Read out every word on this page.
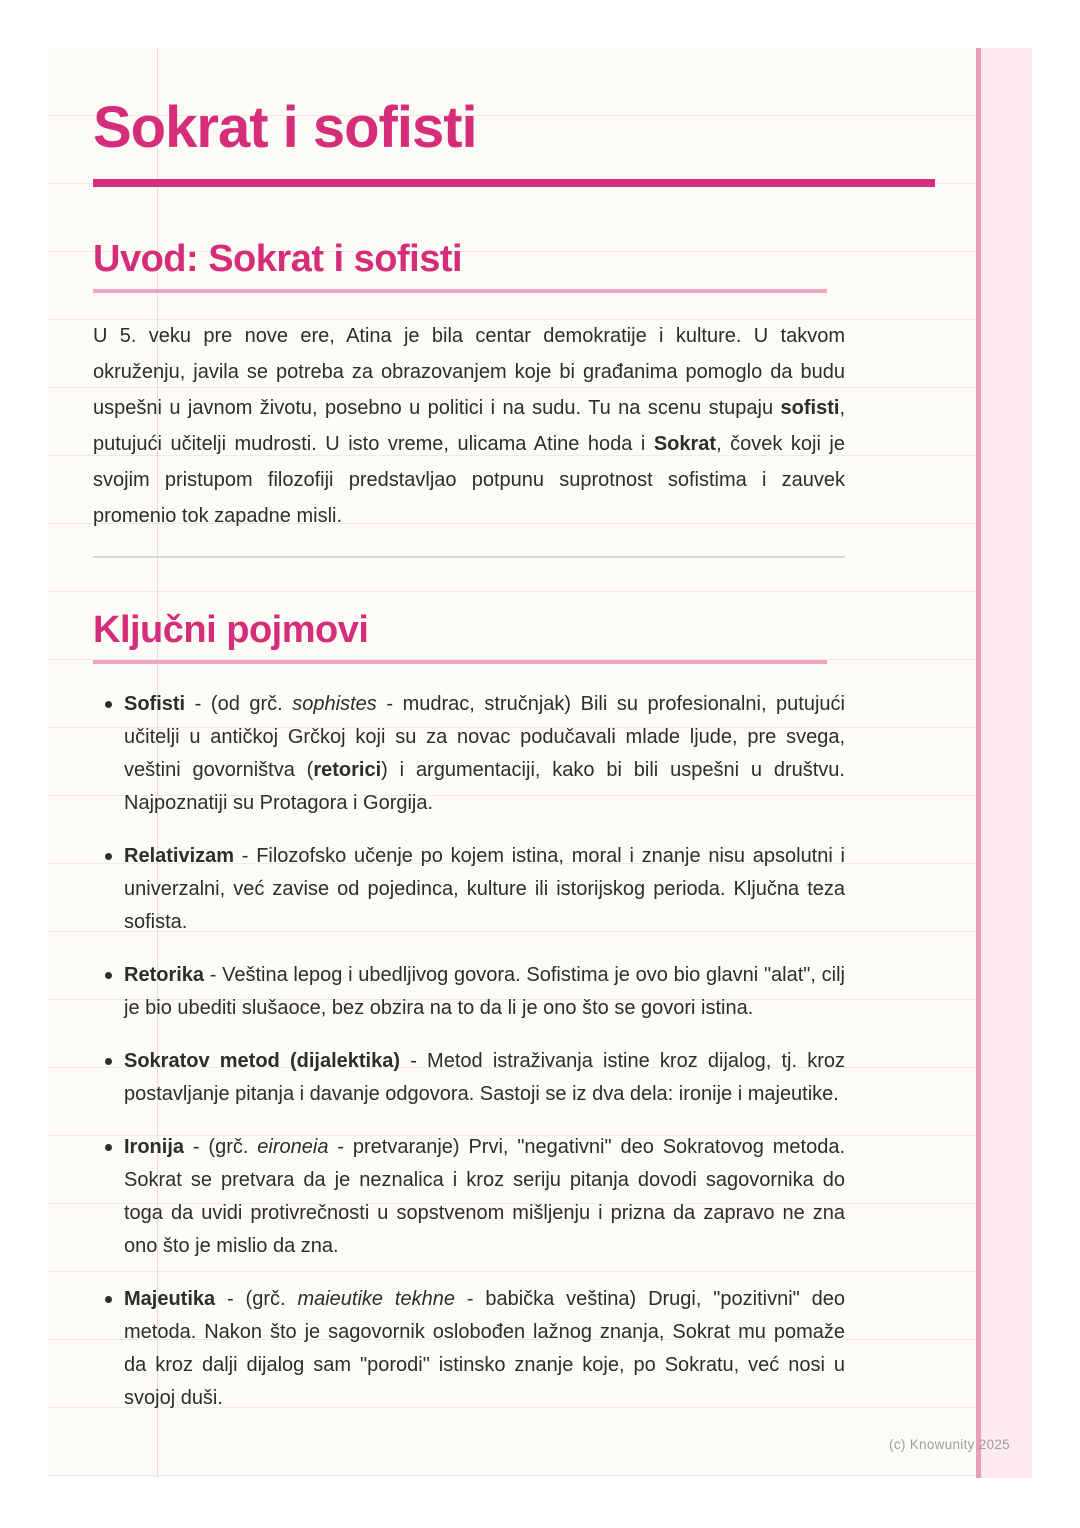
Sokrat i sofisti
Uvod: Sokrat i sofisti

U 5. veku pre nove ere, Atina je bila centar demokratije i kulture. U takvom okruženju, javila se potreba za obrazovanjem koje bi građanima pomoglo da budu uspešni u javnom životu, posebno u politici i na sudu. Tu na scenu stupaju sofisti, putujući učitelji mudrosti. U isto vreme, ulicama Atine hoda i Sokrat, čovek koji je svojim pristupom filozofiji predstavljao potpunu suprotnost sofistima i zauvek promenio tok zapadne misli.

Ključni pojmovi
Sofisti - (od grč. sophistes - mudrac, stručnjak) Bili su profesionalni, putujući učitelji u antičkoj Grčkoj koji su za novac podučavali mlade ljude, pre svega, veštini govorništva (retorici) i argumentaciji, kako bi bili uspešni u društvu. Najpoznatiji su Protagora i Gorgija.
Relativizam - Filozofsko učenje po kojem istina, moral i znanje nisu apsolutni i univerzalni, već zavise od pojedinca, kulture ili istorijskog perioda. Ključna teza sofista.
Retorika - Veština lepog i ubedljivog govora. Sofistima je ovo bio glavni "alat", cilj je bio ubediti slušaoce, bez obzira na to da li je ono što se govori istina.
Sokratov metod (dijalektika) - Metod istraživanja istine kroz dijalog, tj. kroz postavljanje pitanja i davanje odgovora. Sastoji se iz dva dela: ironije i majeutike.
Ironija - (grč. eironeia - pretvaranje) Prvi, "negativni" deo Sokratovog metoda. Sokrat se pretvara da je neznalica i kroz seriju pitanja dovodi sagovornika do toga da uvidi protivrečnosti u sopstvenom mišljenju i prizna da zapravo ne zna ono što je mislio da zna.
Majeutika - (grč. maieutike tekhne - babička veština) Drugi, "pozitivni" deo metoda. Nakon što je sagovornik oslobođen lažnog znanja, Sokrat mu pomaže da kroz dalji dijalog sam "porodi" istinsko znanje koje, po Sokratu, već nosi u svojoj duši.
(c) Knowunity 2025
